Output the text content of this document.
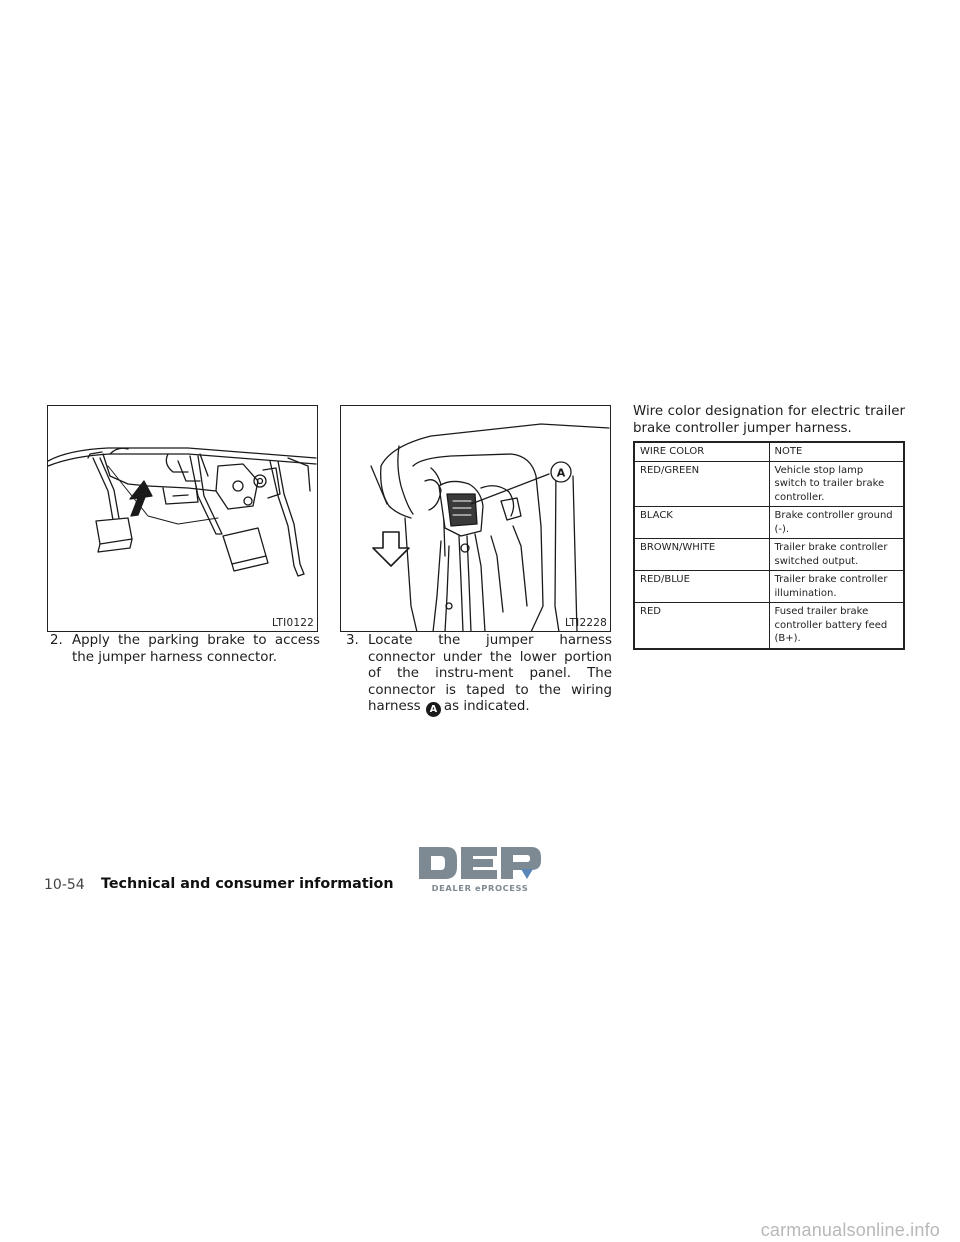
LTI0122
A
LTI2228
2. Apply the parking brake to access the jumper harness connector.
3. Locate the jumper harness connector under the lower portion of the instru-ment panel. The connector is taped to the wiring harness A as indicated.
Wire color designation for electric trailer brake controller jumper harness.
WIRE COLOR	NOTE
RED/GREEN	Vehicle stop lamp switch to trailer brake controller.
BLACK	Brake controller ground (-).
BROWN/WHITE	Trailer brake controller switched output.
RED/BLUE	Trailer brake controller illumination.
RED	Fused trailer brake controller battery feed (B+).
10-54 Technical and consumer information	DEALER ePROCESS
carmanualsonline.info
